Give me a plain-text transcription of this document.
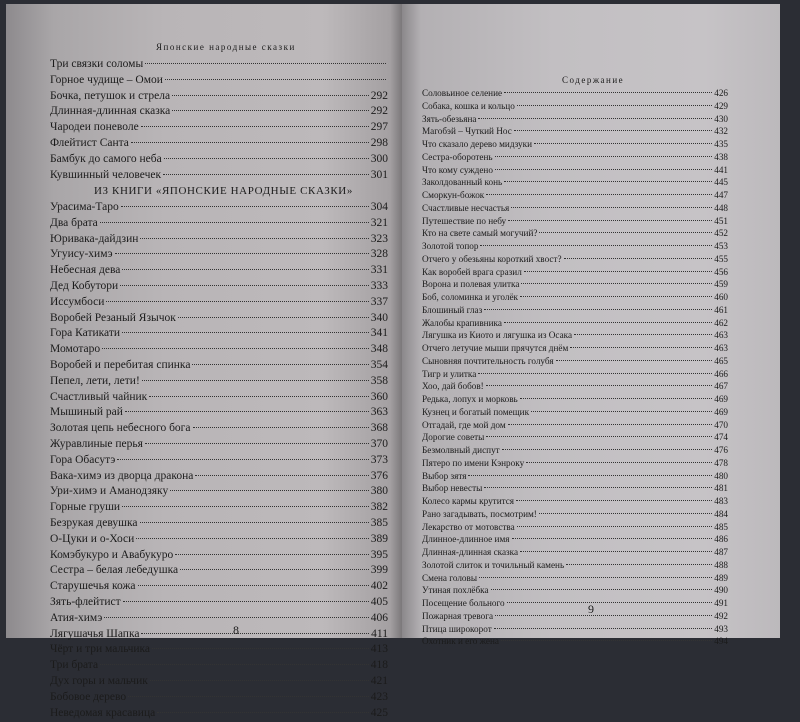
Японские народные сказки
Три связки соломы
Горное чудище – Омои
Бочка, петушок и стрела	292
Длинная-длинная сказка	292
Чародеи поневоле	297
Флейтист Санта	298
Бамбук до самого неба	300
Кувшинный человечек	301
ИЗ КНИГИ «ЯПОНСКИЕ НАРОДНЫЕ СКАЗКИ»
Урасима-Таро	304
Два брата	321
Юривака-дайдзин	323
Угуису-химэ	328
Небесная дева	331
Дед Кобутори	333
Иссумбоси	337
Воробей Резаный Язычок	340
Гора Катикати	341
Момотаро	348
Воробей и перебитая спинка	354
Пепел, лети, лети!	358
Счастливый чайник	360
Мышиный рай	363
Золотая цепь небесного бога	368
Журавлиные перья	370
Гора Обасутэ	373
Вака-химэ из дворца дракона	376
Ури-химэ и Аманодзяку	380
Горные груши	382
Безрукая девушка	385
О-Цуки и о-Хоси	389
Комэбукуро и Авабукуро	395
Сестра – белая лебедушка	399
Старушечья кожа	402
Зять-флейтист	405
Атия-химэ	406
Лягушачья Шапка	411
Чёрт и три мальчика	413
Три брата	418
Дух горы и мальчик	421
Бобовое дерево	423
Неведомая красавица	425
8
Содержание
Соловьиное селение	426
Собака, кошка и кольцо	429
Зять-обезьяна	430
Магобэй – Чуткий Нос	432
Что сказало дерево мидзуки	435
Сестра-оборотень	438
Что кому суждено	441
Заколдованный конь	445
Сморкун-божок	447
Счастливые несчастья	448
Путешествие по небу	451
Кто на свете самый могучий?	452
Золотой топор	453
Отчего у обезьяны короткий хвост?	455
Как воробей врага сразил	456
Ворона и полевая улитка	459
Боб, соломинка и уголёк	460
Блошиный глаз	461
Жалобы крапивника	462
Лягушка из Киото и лягушка из Осака	463
Отчего летучие мыши прячутся днём	463
Сыновняя почтительность голубя	465
Тигр и улитка	466
Хоо, дай бобов!	467
Редька, лопух и морковь	469
Кузнец и богатый помещик	469
Отгадай, где мой дом	470
Дорогие советы	474
Безмолвный диспут	476
Пятеро по имени Кэнроку	478
Выбор зятя	480
Выбор невесты	481
Колесо кармы крутится	483
Рано загадывать, посмотрим!	484
Лекарство от мотовства	485
Длинное-длинное имя	486
Длинная-длинная сказка	487
Золотой слиток и точильный камень	488
Смена головы	489
Утиная похлёбка	490
Посещение больного	491
Пожарная тревога	492
Птица широкорот	493
Охотник и его жена	494
9
